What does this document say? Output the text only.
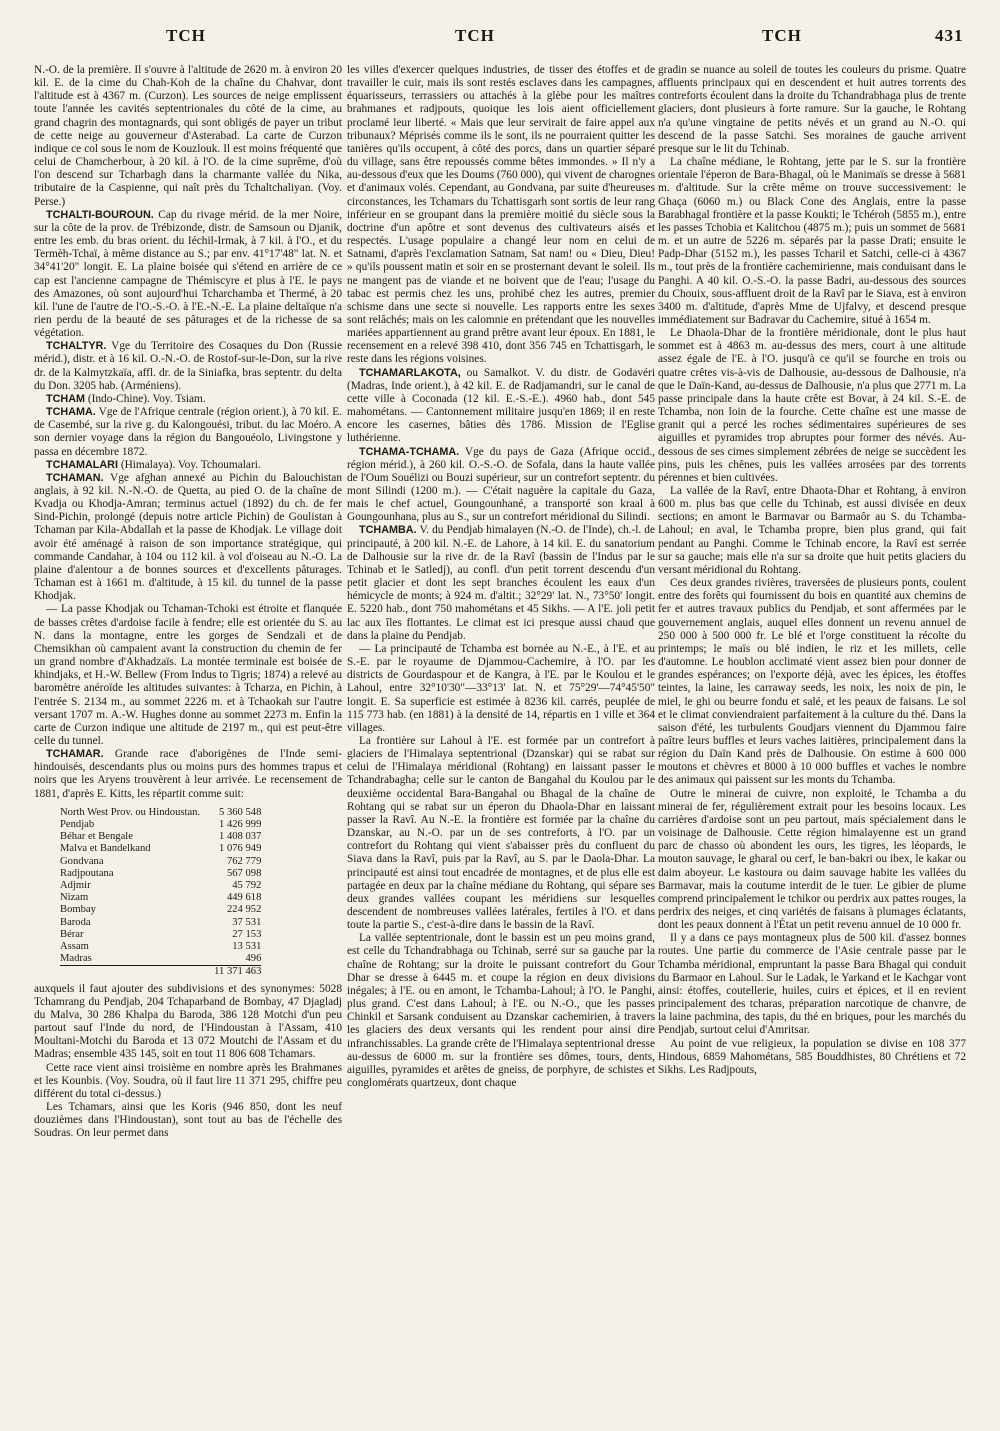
TCH	TCH	TCH	431

N.-O. de la première. Il s'ouvre à l'altitude de 2620 m. à environ 20 kil. E. de la cime du Chah-Koh de la chaîne du Chahvar, dont l'altitude est à 4367 m. (Curzon). Les sources de neige emplissent toute l'année les cavités septentrionales du côté de la cime, au grand chagrin des montagnards, qui sont obligés de payer un tribut de cette neige au gouverneur d'Asterabad. La carte de Curzon indique ce col sous le nom de Kouzlouk. Il est moins fréquenté que celui de Chamcherbour, à 20 kil. à l'O. de la cime suprême, d'où l'on descend sur Tcharbagh dans la charmante vallée du Nika, tributaire de la Caspienne, qui naît près du Tchaltchaliyan. (Voy. Perse.)

TCHALTI-BOUROUN. Cap du rivage mérid. de la mer Noire, sur la côte de la prov. de Trébizonde, distr. de Samsoun ou Djanik, entre les emb. du bras orient. du Iéchil-Irmak, à 7 kil. à l'O., et du Termèh-Tchaï, à même distance au S.; par env. 41°17'48" lat. N. et 34°41'20" longit. E. La plaine boisée qui s'étend en arrière de ce cap est l'ancienne campagne de Thémiscyre et plus à l'E. le pays des Amazones, où sont aujourd'hui Tcharchamba et Thermé, à 20 kil. l'une de l'autre de l'O.-S.-O. à l'E.-N.-E. La plaine deltaïque n'a rien perdu de la beauté de ses pâturages et de la richesse de sa végétation.

TCHALTYR. Vge du Territoire des Cosaques du Don (Russie mérid.), distr. et à 16 kil. O.-N.-O. de Rostof-sur-le-Don, sur la rive dr. de la Kalmytzkaïa, affl. dr. de la Siniafka, bras septentr. du delta du Don. 3205 hab. (Arméniens).

TCHAM (Indo-Chine). Voy. Tsiam.

TCHAMA. Vge de l'Afrique centrale (région orient.), à 70 kil. E. de Casembé, sur la rive g. du Kalongouési, tribut. du lac Moéro. A son dernier voyage dans la région du Bangouéolo, Livingstone y passa en décembre 1872.

TCHAMALARI (Himalaya). Voy. Tchoumalari.

TCHAMAN. Vge afghan annexé au Pichin du Balouchistan anglais, à 92 kil. N.-N.-O. de Quetta, au pied O. de la chaîne de Kvadja ou Khodja-Amran; terminus actuel (1892) du ch. de fer Sind-Pichin, prolongé (depuis notre article Pichin) de Goulistan à Tchaman par Kila-Abdallah et la passe de Khodjak. Le village doit avoir été aménagé à raison de son importance stratégique, qui commande Candahar, à 104 ou 112 kil. à vol d'oiseau au N.-O. La plaine d'alentour a de bonnes sources et d'excellents pâturages. Tchaman est à 1661 m. d'altitude, à 15 kil. du tunnel de la passe Khodjak.

— La passe Khodjak ou Tchaman-Tchoki est étroite et flanquée de basses crêtes d'ardoise facile à fendre; elle est orientée du S. au N. dans la montagne, entre les gorges de Sendzali et de Chemsikhan où campaient avant la construction du chemin de fer un grand nombre d'Akhadzaïs. La montée terminale est boisée de khindjaks, et H.-W. Bellew (From Indus to Tigris; 1874) a relevé au baromètre anéroïde les altitudes suivantes: à Tcharza, en Pichin, à l'entrée S. 2134 m., au sommet 2226 m. et à Tchaokah sur l'autre versant 1707 m. A.-W. Hughes donne au sommet 2273 m. Enfin la carte de Curzon indique une altitude de 2197 m., qui est peut-être celle du tunnel.

TCHAMAR. Grande race d'aborigènes de l'Inde semi-hindouisés, descendants plus ou moins purs des hommes trapus et noirs que les Aryens trouvèrent à leur arrivée. Le recensement de 1881, d'après E. Kitts, les répartit comme suit:

North West Prov. ou Hindoustan.	5 360 548
Pendjab	1 426 999
Béhar et Bengale	1 408 037
Malva et Bandelkand	1 076 949
Gondvana	762 779
Radjpoutana	567 098
Adjmir	45 792
Nizam	449 618
Bombay	224 952
Baroda	37 531
Bérar	27 153
Assam	13 531
Madras	496
	11 371 463

auxquels il faut ajouter des subdivisions et des synonymes: 5028 Tchamrang du Pendjab, 204 Tchaparband de Bombay, 47 Djagladj du Malva, 30 286 Khalpa du Baroda, 386 128 Motchi d'un peu partout sauf l'Inde du nord, de l'Hindoustan à l'Assam, 410 Moultani-Motchi du Baroda et 13 072 Moutchi de l'Assam et du Madras; ensemble 435 145, soit en tout 11 806 608 Tchamars.

Cette race vient ainsi troisième en nombre après les Brahmanes et les Kounbis. (Voy. Soudra, où il faut lire 11 371 295, chiffre peu différent du total ci-dessus.)

Les Tchamars, ainsi que les Koris (946 850, dont les neuf douzièmes dans l'Hindoustan), sont tout au bas de l'échelle des Soudras. On leur permet dans

les villes d'exercer quelques industries, de tisser des étoffes et de travailler le cuir, mais ils sont restés esclaves dans les campagnes, équarisseurs, terrassiers ou attachés à la glèbe pour les maîtres brahmanes et radjpouts, quoique les lois aient officiellement proclamé leur liberté. « Mais que leur servirait de faire appel aux tribunaux? Méprisés comme ils le sont, ils ne pourraient quitter les tanières qu'ils occupent, à côté des porcs, dans un quartier séparé du village, sans être repoussés comme bêtes immondes. » Il n'y a au-dessous d'eux que les Doums (760 000), qui vivent de charognes et d'animaux volés. Cependant, au Gondvana, par suite d'heureuses circonstances, les Tchamars du Tchattisgarh sont sortis de leur rang inférieur en se groupant dans la première moitié du siècle sous la doctrine d'un apôtre et sont devenus des cultivateurs aisés et respectés. L'usage populaire a changé leur nom en celui de Satnami, d'après l'exclamation Satnam, Sat nam! ou « Dieu, Dieu! » qu'ils poussent matin et soir en se prosternant devant le soleil. Ils ne mangent pas de viande et ne boivent que de l'eau; l'usage du tabac est permis chez les uns, prohibé chez les autres, premier schisme dans une secte si nouvelle. Les rapports entre les sexes sont relâchés; mais on les calomnie en prétendant que les nouvelles mariées appartiennent au grand prêtre avant leur époux. En 1881, le recensement en a relevé 398 410, dont 356 745 en Tchattisgarh, le reste dans les régions voisines.

TCHAMARLAKOTA, ou Samalkot. V. du distr. de Godavéri (Madras, Inde orient.), à 42 kil. E. de Radjamandri, sur le canal de cette ville à Coconada (12 kil. E.-S.-E.). 4960 hab., dont 545 mahométans. — Cantonnement militaire jusqu'en 1869; il en reste encore les casernes, bâties dès 1786. Mission de l'Eglise luthérienne.

TCHAMA-TCHAMA. Vge du pays de Gaza (Afrique occid., région mérid.), à 260 kil. O.-S.-O. de Sofala, dans la haute vallée de l'Oum Souélizi ou Bouzi supérieur, sur un contrefort septentr. du mont Silindi (1200 m.). — C'était naguère la capitale du Gaza, mais le chef actuel, Goungounhané, a transporté son kraal à Goungounhana, plus au S., sur un contrefort méridional du Silindi.

TCHAMBA. V. du Pendjab himalayen (N.-O. de l'Inde), ch.-l. de principauté, à 200 kil. N.-E. de Lahore, à 14 kil. E. du sanatorium de Dalhousie sur la rive dr. de la Ravî (bassin de l'Indus par le Tchinab et le Satledj), au confl. d'un petit torrent descendu d'un petit glacier et dont les sept branches écoulent les eaux d'un hémicycle de monts; à 924 m. d'altit.; 32°29' lat. N., 73°50' longit. E. 5220 hab., dont 750 mahométans et 45 Sikhs. — A l'E. joli petit lac aux îles flottantes. Le climat est ici presque aussi chaud que dans la plaine du Pendjab.

— La principauté de Tchamba est bornée au N.-E., à l'E. et au S.-E. par le royaume de Djammou-Cachemire, à l'O. par les districts de Gourdaspour et de Kangra, à l'E. par le Koulou et le Lahoul, entre 32°10'30"—33°13' lat. N. et 75°29'—74°45'50" longit. E. Sa superficie est estimée à 8236 kil. carrés, peuplée de 115 773 hab. (en 1881) à la densité de 14, répartis en 1 ville et 364 villages.

La frontière sur Lahoul à l'E. est formée par un contrefort à glaciers de l'Himalaya septentrional (Dzanskar) qui se rabat sur celui de l'Himalaya méridional (Rohtang) en laissant passer le Tchandrabagha; celle sur le canton de Bangahal du Koulou par le deuxième occidental Bara-Bangahal ou Bhagal de la chaîne de Rohtang qui se rabat sur un éperon du Dhaola-Dhar en laissant passer la Ravî. Au N.-E. la frontière est formée par la chaîne du Dzanskar, au N.-O. par un de ses contreforts, à l'O. par un contrefort du Rohtang qui vient s'abaisser près du confluent du Siava dans la Ravî, puis par la Ravî, au S. par le Daola-Dhar. La principauté est ainsi tout encadrée de montagnes, et de plus elle est partagée en deux par la chaîne médiane du Rohtang, qui sépare ses deux grandes vallées coupant les méridiens sur lesquelles descendent de nombreuses vallées latérales, fertiles à l'O. et dans toute la partie S., c'est-à-dire dans le bassin de la Ravî.

La vallée septentrionale, dont le bassin est un peu moins grand, est celle du Tchandrabhaga ou Tchinab, serré sur sa gauche par la chaîne de Rohtang; sur la droite le puissant contrefort du Gour Dhar se dresse à 6445 m. et coupe la région en deux divisions inégales; à l'E. ou en amont, le Tchamba-Lahoul; à l'O. le Panghi, plus grand. C'est dans Lahoul; à l'E. ou N.-O., que les passes Chinkil et Sarsank conduisent au Dzanskar cachemirien, à travers les glaciers des deux versants qui les rendent pour ainsi dire infranchissables. La grande crête de l'Himalaya septentrional dresse au-dessus de 6000 m. sur la frontière ses dômes, tours, dents, aiguilles, pyramides et arêtes de gneiss, de porphyre, de schistes et conglomérats quartzeux, dont chaque

gradin se nuance au soleil de toutes les couleurs du prisme. Quatre affluents principaux qui en descendent et huit autres torrents des contreforts écoulent dans la droite du Tchandrabhaga plus de trente glaciers, dont plusieurs à forte ramure. Sur la gauche, le Rohtang n'a qu'une vingtaine de petits névés et un grand au N.-O. qui descend de la passe Satchi. Ses moraines de gauche arrivent presque sur le lit du Tchinab.

La chaîne médiane, le Rohtang, jette par le S. sur la frontière orientale l'éperon de Bara-Bhagal, où le Manimaïs se dresse à 5681 m. d'altitude. Sur la crête même on trouve successivement: le Ghaça (6060 m.) ou Black Cone des Anglais, entre la passe Barabhagal frontière et la passe Koukti; le Tchéroh (5855 m.), entre les passes Tchobia et Kalitchou (4875 m.); puis un sommet de 5681 m. et un autre de 5226 m. séparés par la passe Drati; ensuite le Padp-Dhar (5152 m.), les passes Tcharil et Satchi, celle-ci à 4367 m., tout près de la frontière cachemirienne, mais conduisant dans le Panghi. A 40 kil. O.-S.-O. la passe Badri, au-dessous des sources du Chouix, sous-affluent droit de la Ravî par le Siava, est à environ 3400 m. d'altitude, d'après Mme de Ujfalvy, et descend presque immédiatement sur Badravar du Cachemire, situé à 1654 m.

Le Dhaola-Dhar de la frontière méridionale, dont le plus haut sommet est à 4863 m. au-dessus des mers, court à une altitude assez égale de l'E. à l'O. jusqu'à ce qu'il se fourche en trois ou quatre crêtes vis-à-vis de Dalhousie, au-dessous de Dalhousie, n'a que le Daïn-Kand, au-dessus de Dalhousie, n'a plus que 2771 m. La passe principale dans la haute crête est Bovar, à 24 kil. S.-E. de Tchamba, non loin de la fourche. Cette chaîne est une masse de granit qui a percé les roches sédimentaires supérieures de ses aiguilles et pyramides trop abruptes pour former des névés. Au-dessous de ses cimes simplement zébrées de neige se succèdent les pins, puis les chênes, puis les vallées arrosées par des torrents pérennes et bien cultivées.

La vallée de la Ravî, entre Dhaota-Dhar et Rohtang, à environ 600 m. plus bas que celle du Tchinab, est aussi divisée en deux sections; en amont le Barmavar ou Barmaôr au S. du Tchamba-Lahoul; en aval, le Tchamba propre, bien plus grand, qui fait pendant au Panghi. Comme le Tchinab encore, la Ravî est serrée sur sa gauche; mais elle n'a sur sa droite que huit petits glaciers du versant méridional du Rohtang.

Ces deux grandes rivières, traversées de plusieurs ponts, coulent entre des forêts qui fournissent du bois en quantité aux chemins de fer et autres travaux publics du Pendjab, et sont affermées par le gouvernement anglais, auquel elles donnent un revenu annuel de 250 000 à 500 000 fr. Le blé et l'orge constituent la récolte du printemps; le maïs ou blé indien, le riz et les millets, celle d'automne. Le houblon acclimaté vient assez bien pour donner de grandes espérances; on l'exporte déjà, avec les épices, les étoffes teintes, la laine, les carraway seeds, les noix, les noix de pin, le miel, le ghi ou beurre fondu et salé, et les peaux de faisans. Le sol et le climat conviendraient parfaitement à la culture du thé. Dans la saison d'été, les turbulents Goudjars viennent du Djammou faire paître leurs buffles et leurs vaches laitières, principalement dans la région du Daïn Kand près de Dalhousie. On estime à 600 000 moutons et chèvres et 8000 à 10 000 buffles et vaches le nombre des animaux qui paissent sur les monts du Tchamba.

Outre le minerai de cuivre, non exploité, le Tchamba a du minerai de fer, régulièrement extrait pour les besoins locaux. Les carrières d'ardoise sont un peu partout, mais spécialement dans le voisinage de Dalhousie. Cette région himalayenne est un grand parc de chasso où abondent les ours, les tigres, les léopards, le mouton sauvage, le gharal ou cerf, le ban-bakri ou ibex, le kakar ou daim aboyeur. Le kastoura ou daim sauvage habite les vallées du Barmavar, mais la coutume interdit de le tuer. Le gibier de plume comprend principalement le tchikor ou perdrix aux pattes rouges, la perdrix des neiges, et cinq variétés de faisans à plumages éclatants, dont les peaux donnent à l'État un petit revenu annuel de 10 000 fr.

Il y a dans ce pays montagneux plus de 500 kil. d'assez bonnes routes. Une partie du commerce de l'Asie centrale passe par le Tchamba méridional, empruntant la passe Bara Bhagal qui conduit du Barmaor en Lahoul. Sur le Ladak, le Yarkand et le Kachgar vont ainsi: étoffes, coutellerie, huiles, cuirs et épices, et il en revient principalement des tcharas, préparation narcotique de chanvre, de la laine pachmina, des tapis, du thé en briques, pour les marchés du Pendjab, surtout celui d'Amritsar.

Au point de vue religieux, la population se divise en 108 377 Hindous, 6859 Mahométans, 585 Bouddhistes, 80 Chrétiens et 72 Sikhs. Les Radjpouts,
